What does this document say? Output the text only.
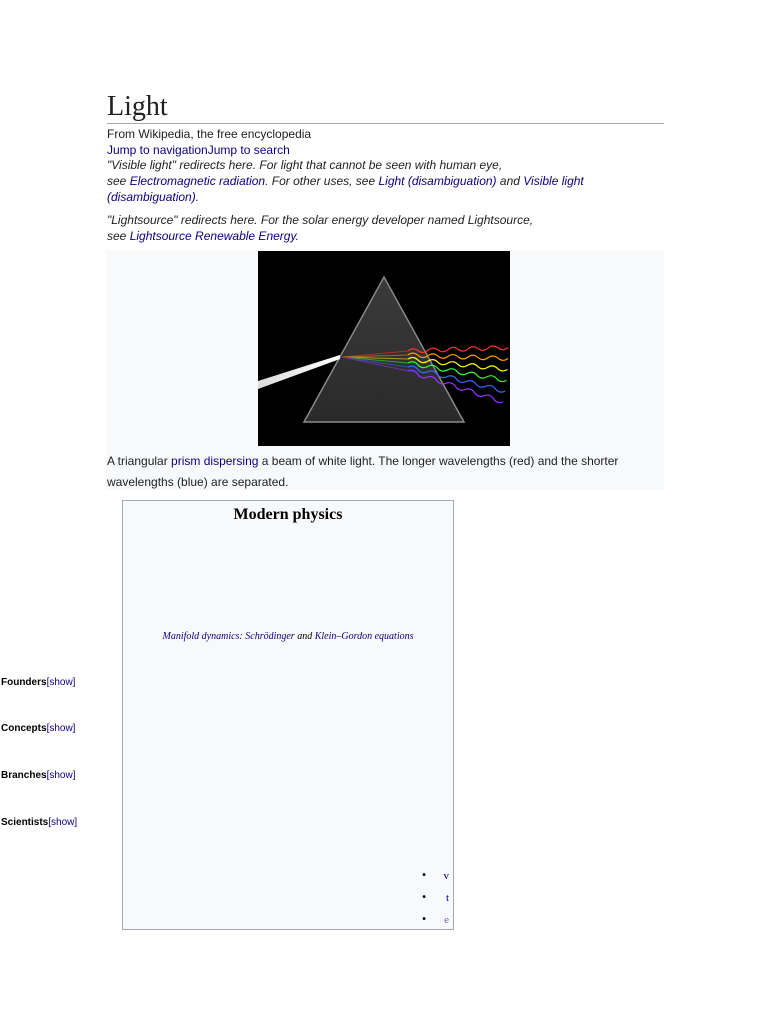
Light
From Wikipedia, the free encyclopedia
Jump to navigationJump to search
"Visible light" redirects here. For light that cannot be seen with human eye,
see Electromagnetic radiation. For other uses, see Light (disambiguation) and Visible light (disambiguation).
"Lightsource" redirects here. For the solar energy developer named Lightsource,
see Lightsource Renewable Energy.
A triangular prism dispersing a beam of white light. The longer wavelengths (red) and the shorter wavelengths (blue) are separated.
Modern physics
Manifold dynamics: Schrödinger and Klein–Gordon equations
• v
• t
• e
Founders[show]
Concepts[show]
Branches[show]
Scientists[show]
